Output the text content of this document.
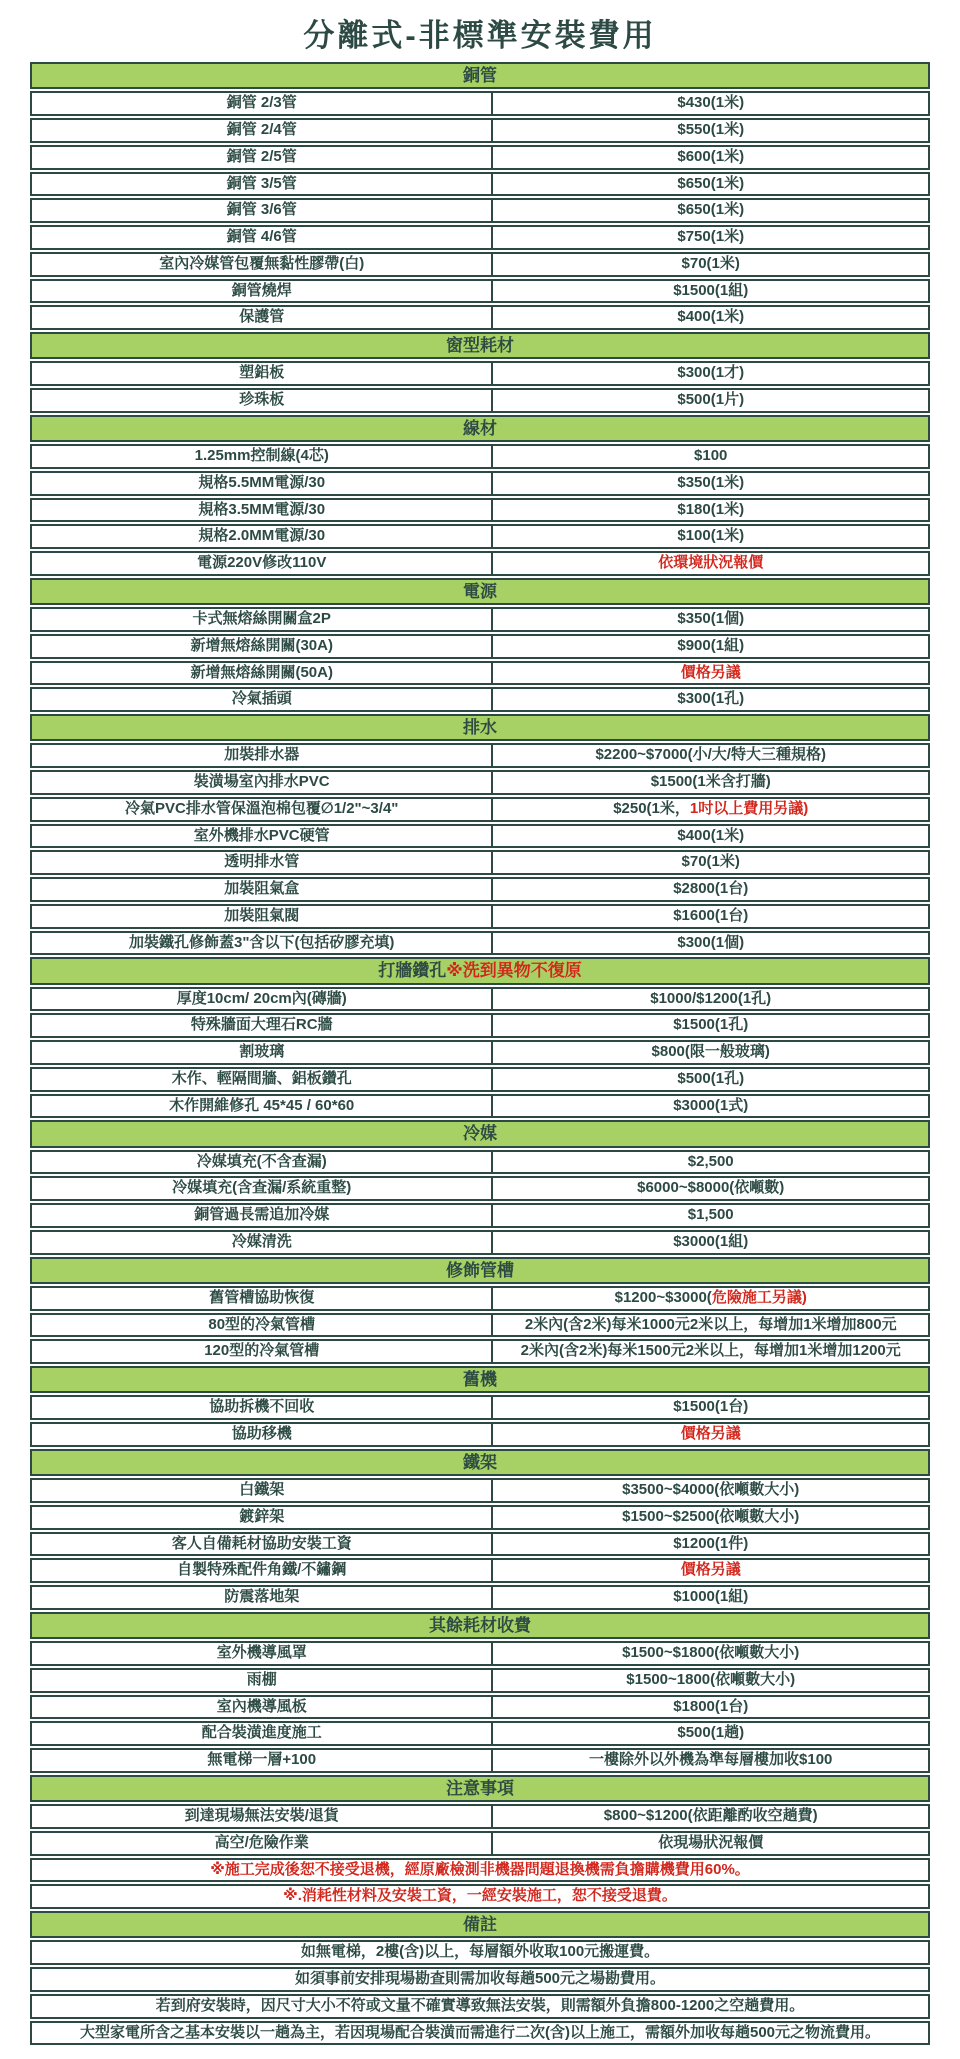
分離式-非標準安裝費用
銅管
銅管 2/3管	$430(1米)
銅管 2/4管	$550(1米)
銅管 2/5管	$600(1米)
銅管 3/5管	$650(1米)
銅管 3/6管	$650(1米)
銅管 4/6管	$750(1米)
室內冷媒管包覆無黏性膠帶(白)	$70(1米)
銅管燒焊	$1500(1組)
保護管	$400(1米)
窗型耗材
塑鋁板	$300(1才)
珍珠板	$500(1片)
線材
1.25mm控制線(4芯)	$100
規格5.5MM電源/30	$350(1米)
規格3.5MM電源/30	$180(1米)
規格2.0MM電源/30	$100(1米)
電源220V修改110V	依環境狀況報價
電源
卡式無熔絲開關盒2P	$350(1個)
新增無熔絲開關(30A)	$900(1組)
新增無熔絲開關(50A)	價格另議
冷氣插頭	$300(1孔)
排水
加裝排水器	$2200~$7000(小/大/特大三種規格)
裝潢場室內排水PVC	$1500(1米含打牆)
冷氣PVC排水管保溫泡棉包覆∅1/2"~3/4"	$250(1米， 1吋以上費用另議)
室外機排水PVC硬管	$400(1米)
透明排水管	$70(1米)
加裝阻氣盒	$2800(1台)
加裝阻氣閥	$1600(1台)
加裝鐵孔修飾蓋3"含以下(包括矽膠充填)	$300(1個)
打牆鑽孔 ※洗到異物不復原
厚度10cm/ 20cm內(磚牆)	$1000/$1200(1孔)
特殊牆面大理石RC牆	$1500(1孔)
割玻璃	$800(限一般玻璃)
木作、輕隔間牆、鋁板鑽孔	$500(1孔)
木作開維修孔 45*45 / 60*60	$3000(1式)
冷媒
冷媒填充(不含查漏)	$2,500
冷媒填充(含查漏/系統重整)	$6000~$8000(依噸數)
銅管過長需追加冷媒	$1,500
冷媒清洗	$3000(1組)
修飾管槽
舊管槽協助恢復	$1200~$3000( 危險施工另議)
80型的冷氣管槽	2米內(含2米)每米1000元2米以上，每增加1米增加800元
120型的冷氣管槽	2米內(含2米)每米1500元2米以上，每增加1米增加1200元
舊機
協助拆機不回收	$1500(1台)
協助移機	價格另議
鐵架
白鐵架	$3500~$4000(依噸數大小)
鍍鋅架	$1500~$2500(依噸數大小)
客人自備耗材協助安裝工資	$1200(1件)
自製特殊配件角鐵/不鏽鋼	價格另議
防震落地架	$1000(1組)
其餘耗材收費
室外機導風罩	$1500~$1800(依噸數大小)
雨棚	$1500~1800(依噸數大小)
室內機導風板	$1800(1台)
配合裝潢進度施工	$500(1趟)
無電梯一層+100	一樓除外以外機為準每層樓加收$100
注意事項
到達現場無法安裝/退貨	$800~$1200(依距離酌收空趟費)
高空/危險作業	依現場狀況報價
※施工完成後恕不接受退機，經原廠檢測非機器問題退換機需負擔購機費用60%。
※.消耗性材料及安裝工資，一經安裝施工，恕不接受退費。
備註
如無電梯，2樓(含)以上，每層額外收取100元搬運費。
如須事前安排現場勘查則需加收每趟500元之場勘費用。
若到府安裝時，因尺寸大小不符或文量不確實導致無法安裝，則需額外負擔800-1200之空趟費用。
大型家電所含之基本安裝以一趟為主，若因現場配合裝潢而需進行二次(含)以上施工，需額外加收每趟500元之物流費用。
